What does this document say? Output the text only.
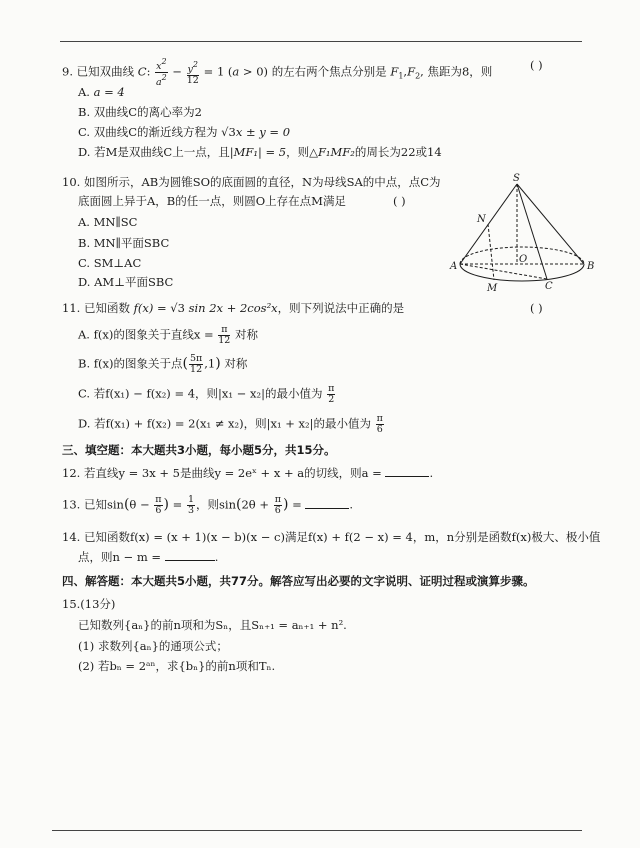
9. 已知双曲线 C: $\frac{x^2}{a^2} - \frac{y^2}{12} = 1$ (a > 0) 的左右两个焦点分别是 $F_1,F_2$, 焦距为8，则	( )
A. a = 4
B. 双曲线C的离心率为2
C. 双曲线C的渐近线方程为 √3x ± y = 0
D. 若M是双曲线C上一点，且|MF₁| = 5，则△F₁MF₂的周长为22或14
10. 如图所示，AB为圆锥SO的底面圆的直径，N为母线SA的中点，点C为
底面圆上异于A，B的任一点，则圆O上存在点M满足	( )
A. MN∥SC
B. MN∥平面SBC
C. SM⊥AC
D. AM⊥平面SBC
S
N
A
O
B
M	C
11. 已知函数 f(x) = √3 sin 2x + 2cos²x，则下列说法中正确的是	( )
A. f(x)的图象关于直线$x = \frac{\pi}{12}$ 对称
B. f(x)的图象关于点( $\frac{5\pi}{12} ,1$) 对称
C. 若f(x₁) − f(x₂) = 4，则|x₁ − x₂|的最小值为 $\frac{\pi}{2}$
D. 若f(x₁) + f(x₂) = 2(x₁ ≠ x₂)，则|x₁ + x₂|的最小值为 $\frac{\pi}{6}$
三、填空题：本大题共3小题，每小题5分，共15分。
12. 若直线y = 3x + 5是曲线y = 2eˣ + x + a的切线，则a =	.
13. 已知$\sin(\theta - \frac{\pi}{6}$ ) = $\frac{1}{3}$ ，则$\sin(2\theta + \frac{\pi}{6}$ ) =	.
14. 已知函数f(x) = (x + 1)(x − b)(x − c)满足f(x) + f(2 − x) = 4，m，n分别是函数f(x)极大、极小值
点，则n − m =	.
四、解答题：本大题共5小题，共77分。解答应写出必要的文字说明、证明过程或演算步骤。
15.(13分)
已知数列{aₙ}的前n项和为Sₙ，且Sₙ₊₁ = aₙ₊₁ + n².
(1) 求数列{aₙ}的通项公式；
(2) 若bₙ = 2ᵃⁿ，求{bₙ}的前n项和Tₙ.
